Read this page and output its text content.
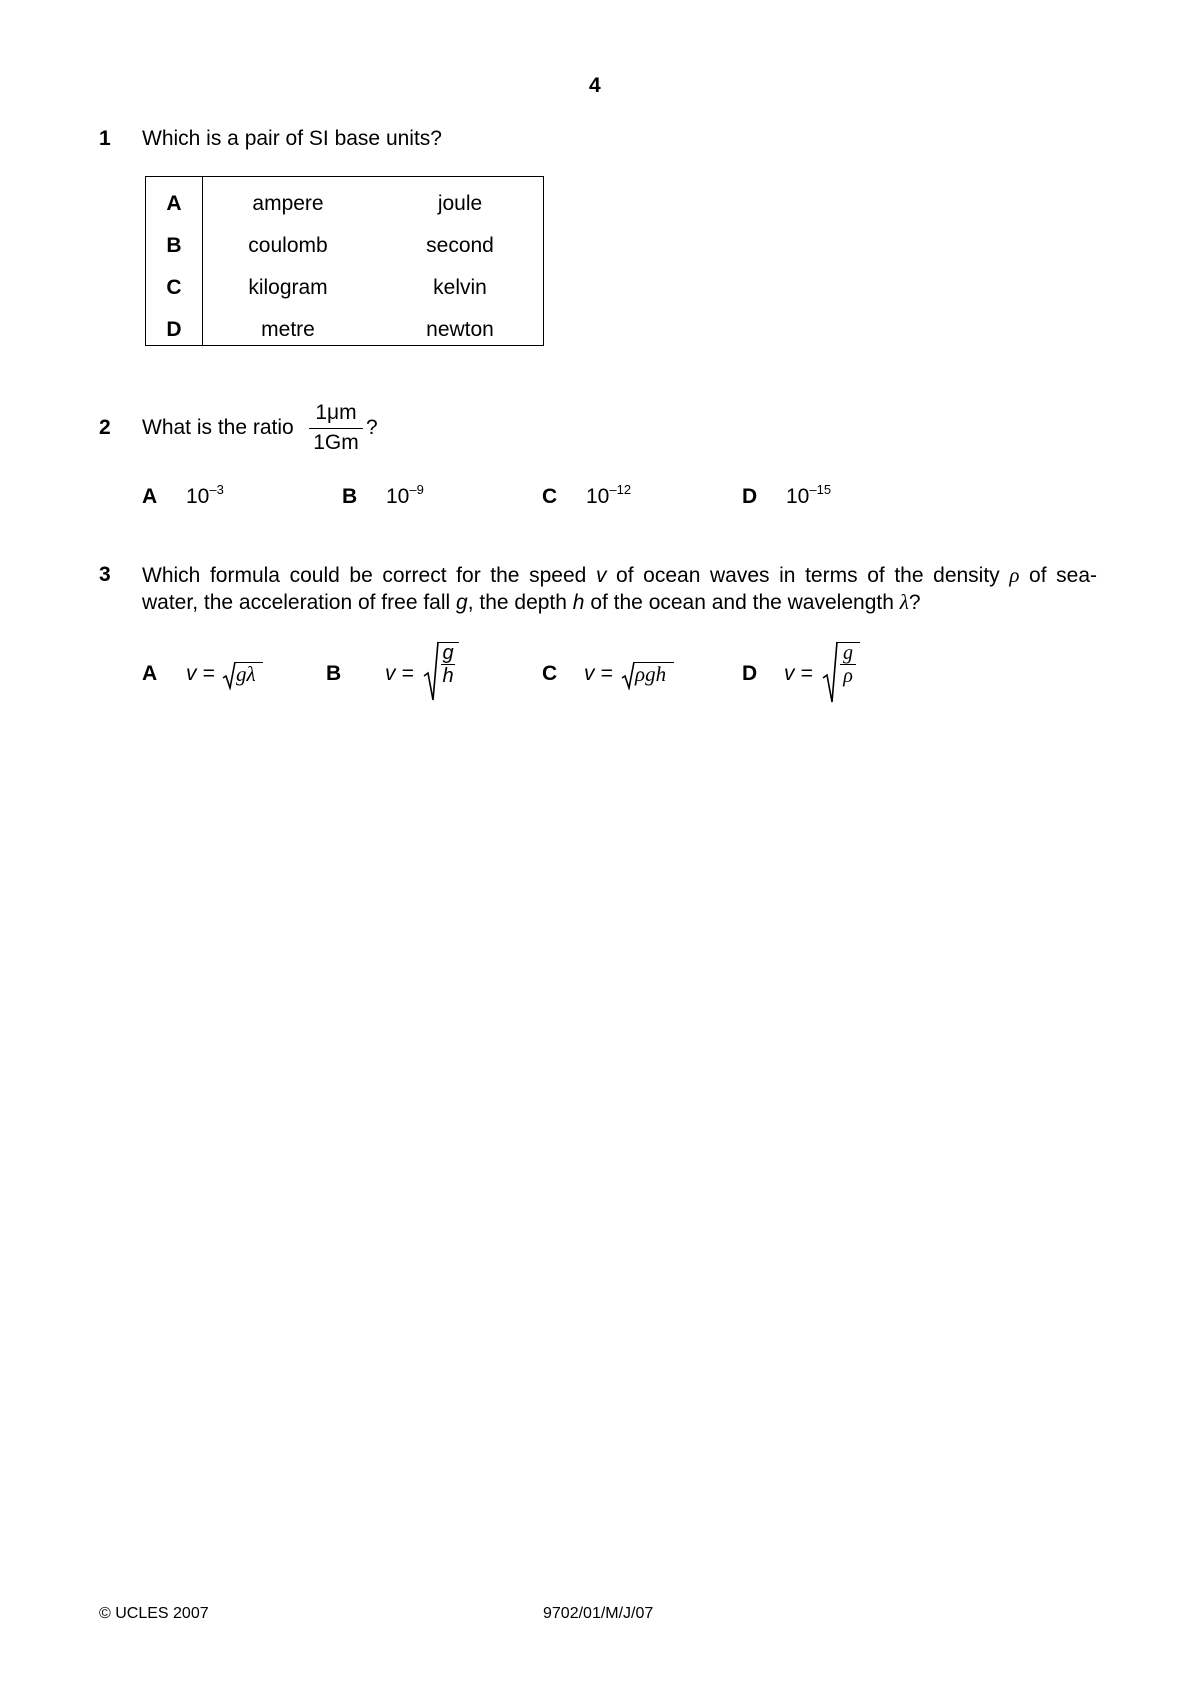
4
1 Which is a pair of SI base units?
A	ampere	joule
B	coulomb	second
C	kilogram	kelvin
D	metre	newton
2 What is the ratio
1μm
1Gm
?
A $10^{-3}$	B $10^{-9}$	C $10^{-12}$	D $10^{-15}$
3 Which formula could be correct for the speed v of ocean waves in terms of the density ρ of sea-
water, the acceleration of free fall g, the depth h of the ocean and the wavelength λ?
A v = gλ	B v =
g
h	C v = ρgh	D v =
g
ρ
© UCLES 2007	9702/01/M/J/07
